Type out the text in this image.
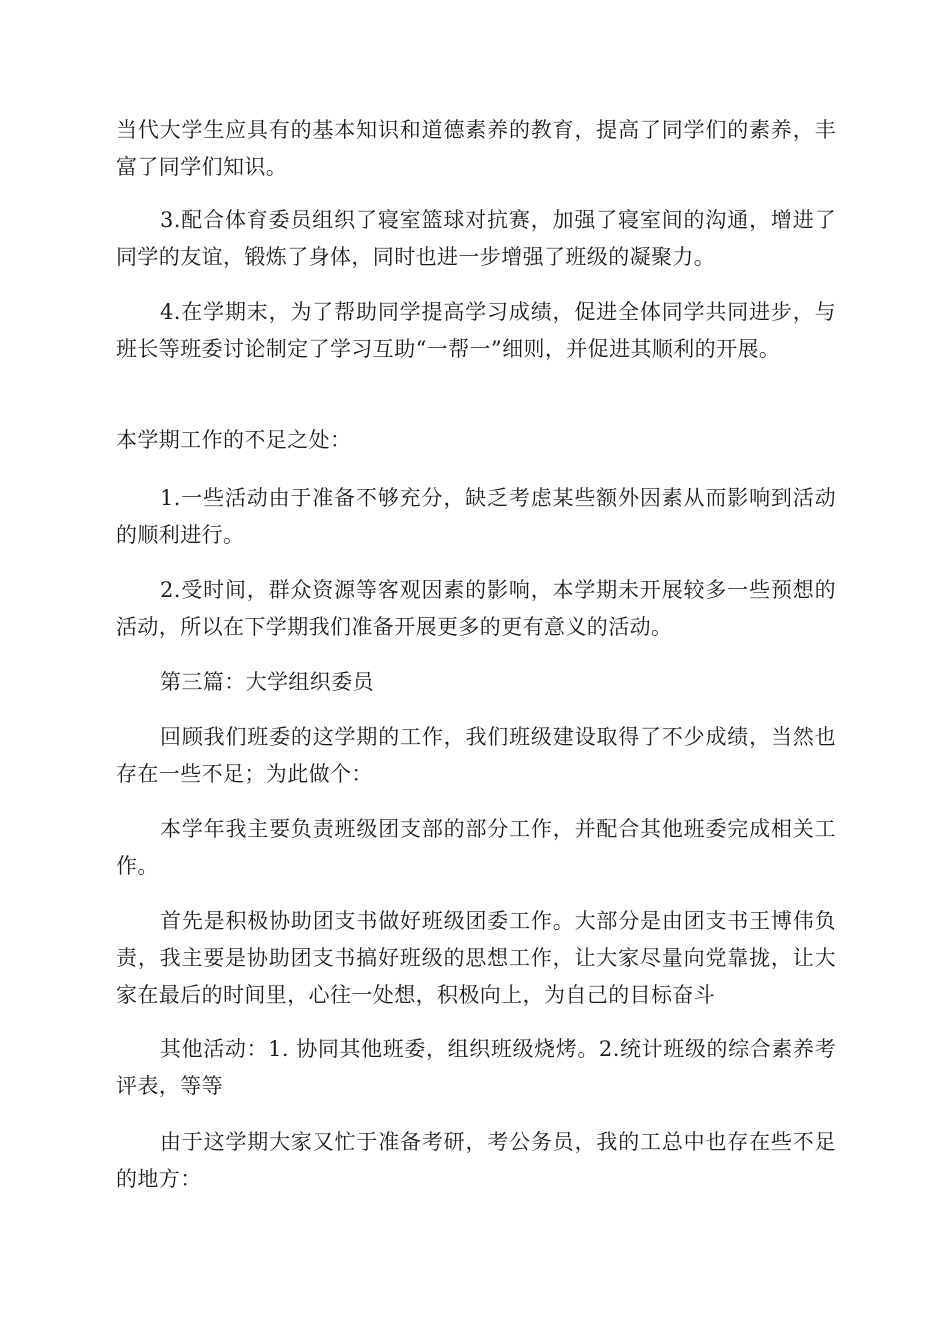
当代大学生应具有的基本知识和道德素养的教育，提高了同学们的素养，丰富了同学们知识。

3.配合体育委员组织了寝室篮球对抗赛，加强了寝室间的沟通，增进了同学的友谊，锻炼了身体，同时也进一步增强了班级的凝聚力。

4.在学期末，为了帮助同学提高学习成绩，促进全体同学共同进步，与班长等班委讨论制定了学习互助“一帮一”细则，并促进其顺利的开展。

本学期工作的不足之处：

1.一些活动由于准备不够充分，缺乏考虑某些额外因素从而影响到活动的顺利进行。

2.受时间，群众资源等客观因素的影响，本学期未开展较多一些预想的活动，所以在下学期我们准备开展更多的更有意义的活动。

第三篇：大学组织委员

回顾我们班委的这学期的工作，我们班级建设取得了不少成绩，当然也存在一些不足；为此做个：

本学年我主要负责班级团支部的部分工作，并配合其他班委完成相关工作。

首先是积极协助团支书做好班级团委工作。大部分是由团支书王博伟负责，我主要是协助团支书搞好班级的思想工作，让大家尽量向党靠拢，让大家在最后的时间里，心往一处想，积极向上，为自己的目标奋斗

其他活动：1. 协同其他班委，组织班级烧烤。2.统计班级的综合素养考评表，等等

由于这学期大家又忙于准备考研，考公务员，我的工总中也存在些不足的地方：
